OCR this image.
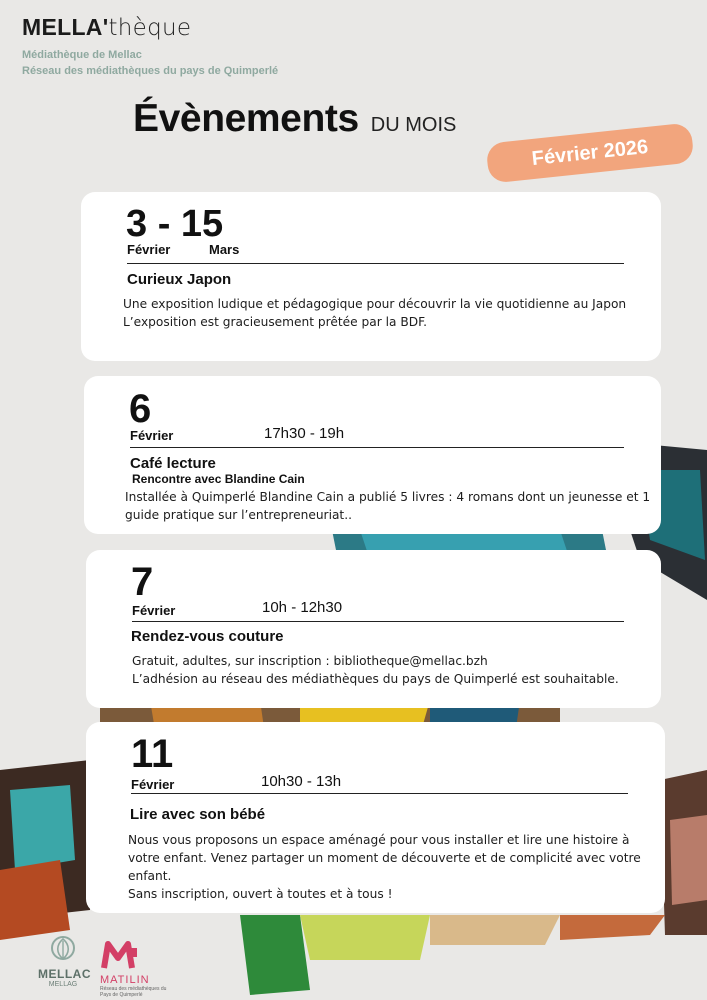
MELLA'thèque
Médiathèque de Mellac
Réseau des médiathèques du pays de Quimperlé
Évènements DU MOIS
Février 2026
3 - 15
Février	Mars
Curieux Japon
Une exposition ludique et pédagogique pour découvrir la vie quotidienne au Japon
L’exposition est gracieusement prêtée par la BDF.
6
Février	17h30 - 19h
Café lecture
Rencontre avec Blandine Cain
Installée à Quimperlé Blandine Cain a publié 5 livres : 4 romans dont un jeunesse et 1
guide pratique sur l’entrepreneuriat..
7
Février	10h - 12h30
Rendez-vous couture
Gratuit, adultes, sur inscription : bibliotheque@mellac.bzh
L’adhésion au réseau des médiathèques du pays de Quimperlé est souhaitable.
11
Février	10h30 - 13h
Lire avec son bébé
Nous vous proposons un espace aménagé pour vous installer et lire une histoire à
votre enfant. Venez partager un moment de découverte et de complicité avec votre
enfant.
Sans inscription, ouvert à toutes et à tous !
MELLAC
MELLAG	MATILIN
Réseau des médiathèques du Pays de Quimperlé
